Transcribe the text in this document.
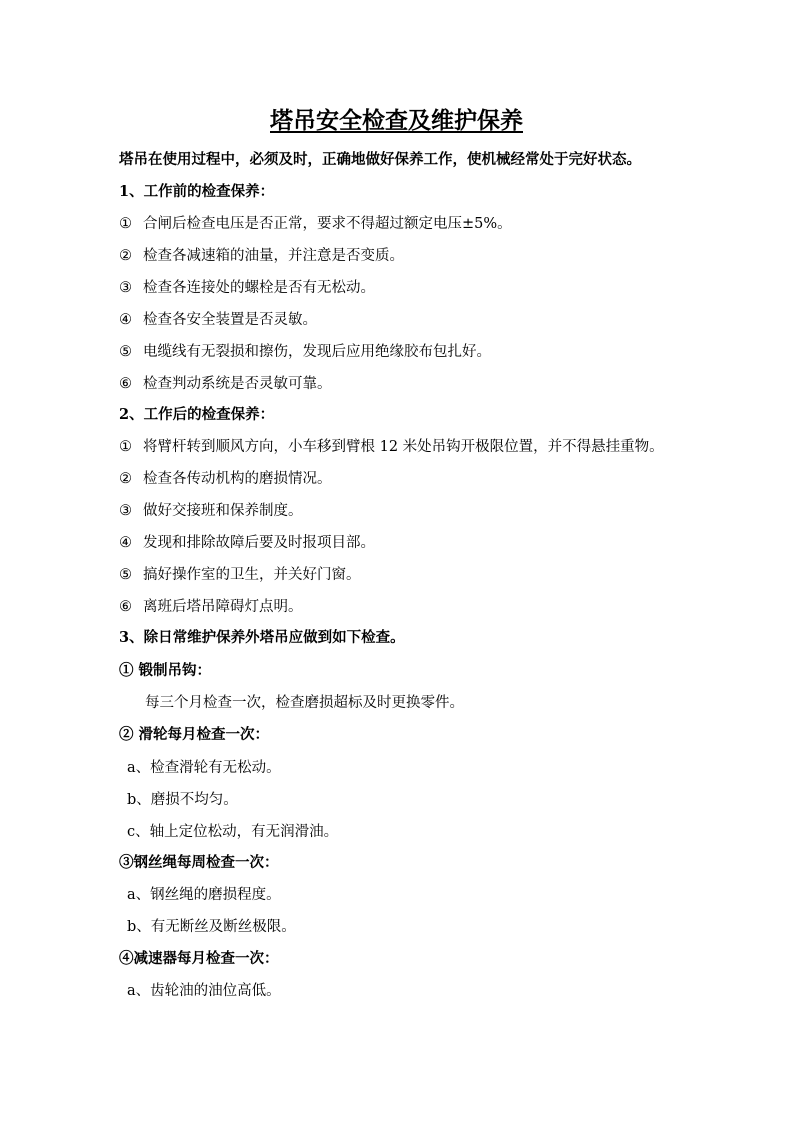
塔吊安全检查及维护保养
塔吊在使用过程中，必须及时，正确地做好保养工作，使机械经常处于完好状态。
1、工作前的检查保养：
① 合闸后检查电压是否正常，要求不得超过额定电压±5%。
② 检查各减速箱的油量，并注意是否变质。
③ 检查各连接处的螺栓是否有无松动。
④ 检查各安全装置是否灵敏。
⑤ 电缆线有无裂损和擦伤，发现后应用绝缘胶布包扎好。
⑥ 检查判动系统是否灵敏可靠。
2、工作后的检查保养：
① 将臂杆转到顺风方向，小车移到臂根 12 米处吊钩开极限位置，并不得悬挂重物。
② 检查各传动机构的磨损情况。
③ 做好交接班和保养制度。
④ 发现和排除故障后要及时报项目部。
⑤ 搞好操作室的卫生，并关好门窗。
⑥ 离班后塔吊障碍灯点明。
3、除日常维护保养外塔吊应做到如下检查。
① 锻制吊钩：
每三个月检查一次，检查磨损超标及时更换零件。
② 滑轮每月检查一次：
a、检查滑轮有无松动。
b、磨损不均匀。
c、轴上定位松动，有无润滑油。
③钢丝绳每周检查一次：
a、钢丝绳的磨损程度。
b、有无断丝及断丝极限。
④减速器每月检查一次：
a、齿轮油的油位高低。
